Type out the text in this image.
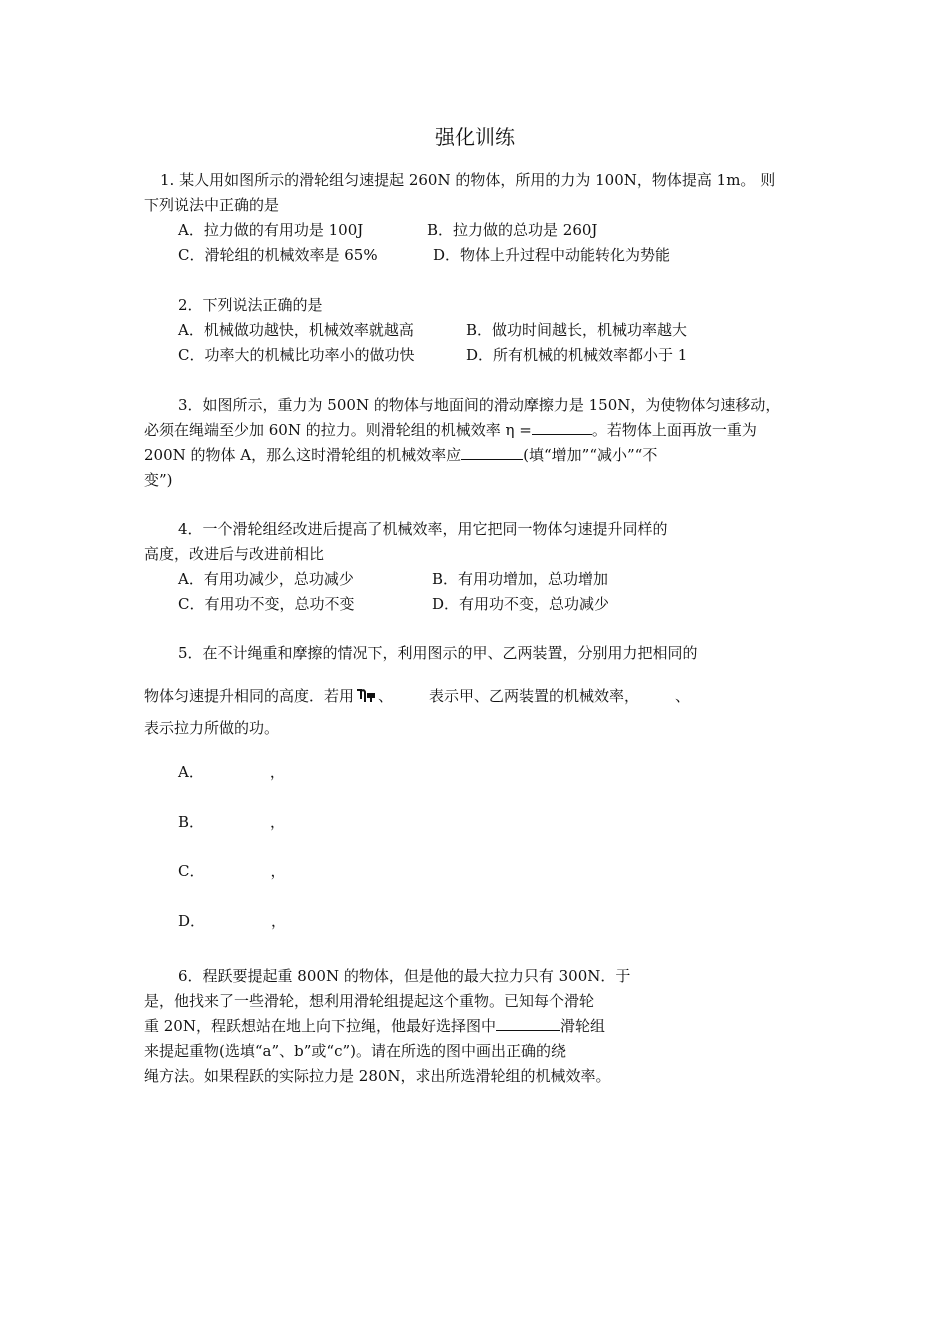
强化训练
1. 某人用如图所示的滑轮组匀速提起 260N 的物体，所用的力为 100N，物体提高 1m。 则
下列说法中正确的是
A．拉力做的有用功是 100J	B．拉力做的总功是 260J
C．滑轮组的机械效率是 65%	D．物体上升过程中动能转化为势能
2．下列说法正确的是
A．机械做功越快，机械效率就越高	B．做功时间越长，机械功率越大
C．功率大的机械比功率小的做功快	D．所有机械的机械效率都小于 1
3．如图所示，重力为 500N 的物体与地面间的滑动摩擦力是 150N，为使物体匀速移动，
必须在绳端至少加 60N 的拉力。则滑轮组的机械效率 η =	。若物体上面再放一重为
200N 的物体 A，那么这时滑轮组的机械效率应	(填“增加”“减小”“不
变”)
4．一个滑轮组经改进后提高了机械效率，用它把同一物体匀速提升同样的
高度，改进后与改进前相比
A．有用功减少，总功减少	B．有用功增加，总功增加
C．有用功不变，总功不变	D．有用功不变，总功减少
5．在不计绳重和摩擦的情况下，利用图示的甲、乙两装置，分别用力把相同的
物体匀速提升相同的高度．若用 、 表示甲、乙两装置的机械效率， 、
表示拉力所做的功。
A．	，
B．	，
C．	，
D．	，
6．程跃要提起重 800N 的物体，但是他的最大拉力只有 300N．于
是，他找来了一些滑轮，想利用滑轮组提起这个重物。已知每个滑轮
重 20N，程跃想站在地上向下拉绳，他最好选择图中	滑轮组
来提起重物(选填“a”、b”或“c”)。请在所选的图中画出正确的绕
绳方法。如果程跃的实际拉力是 280N，求出所选滑轮组的机械效率。
